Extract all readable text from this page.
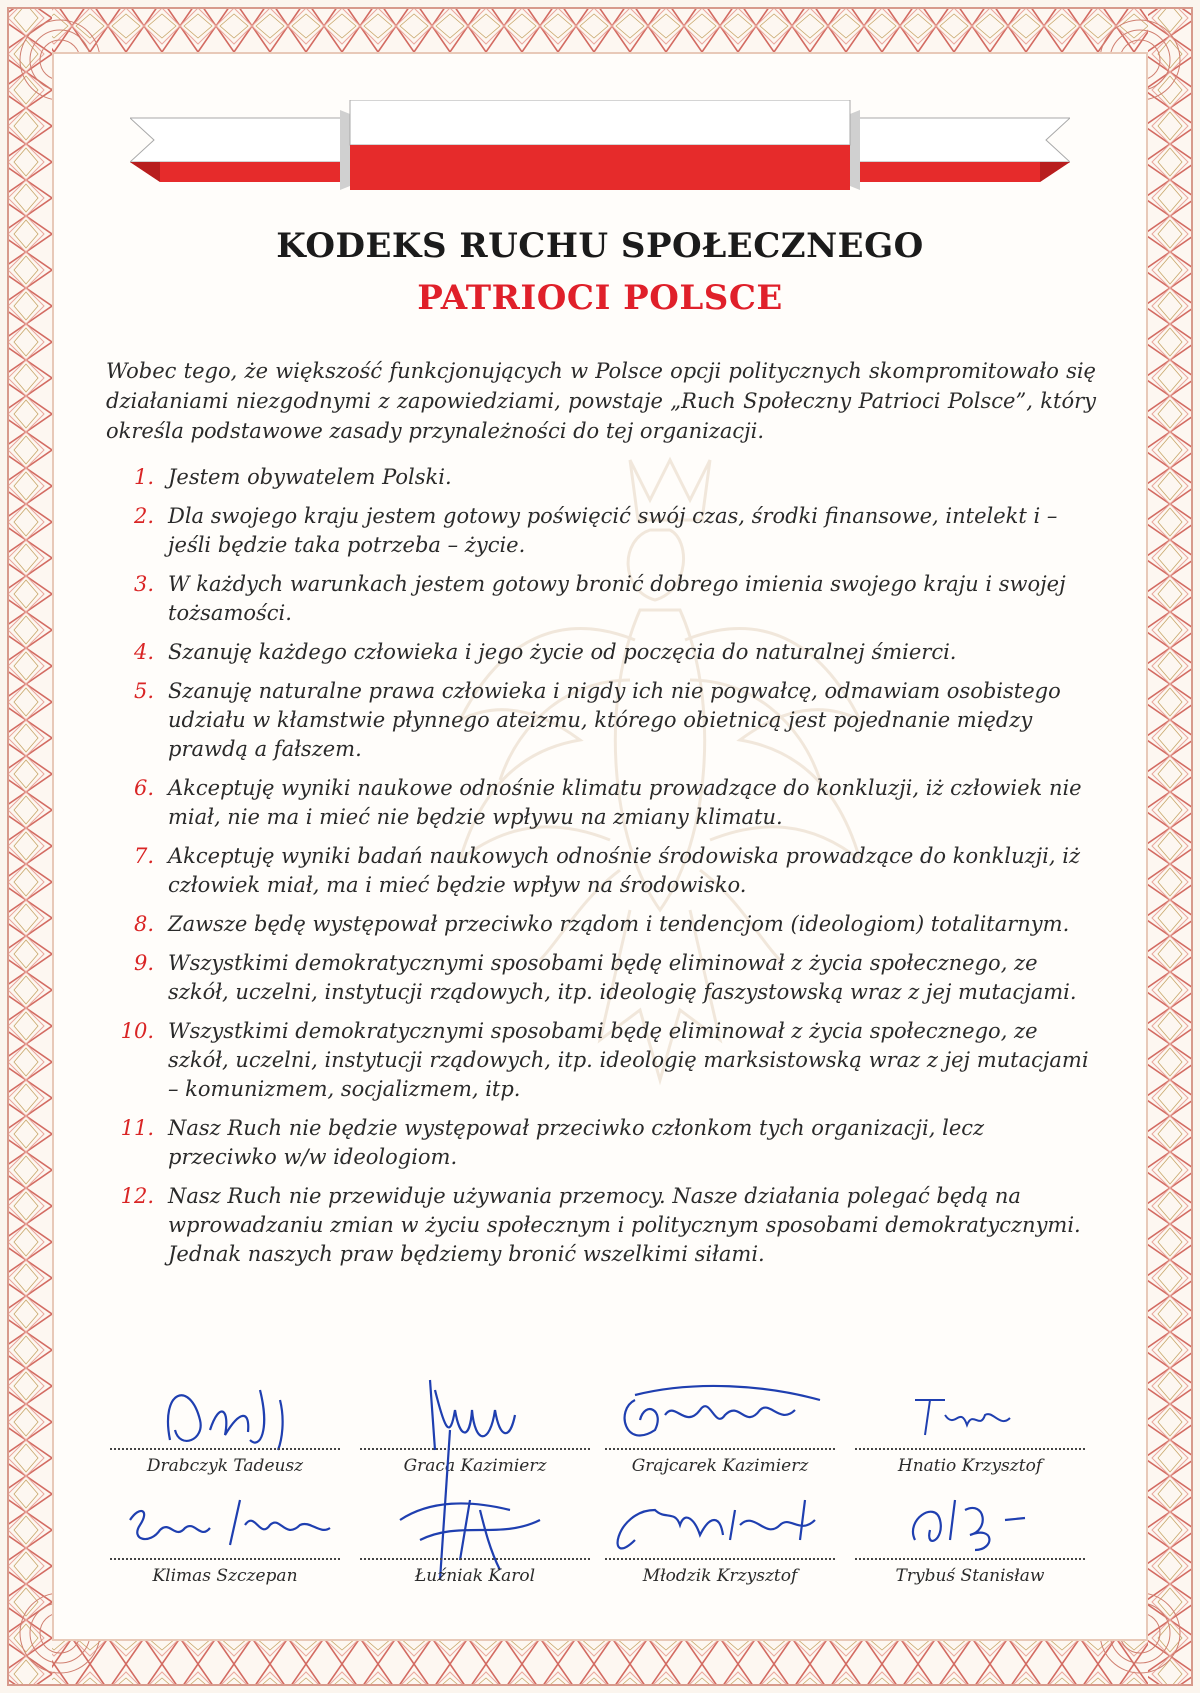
KODEKS RUCHU SPOŁECZNEGO
PATRIOCI POLSCE
Wobec tego, że większość funkcjonujących w Polsce opcji politycznych skompromitowało się działaniami niezgodnymi z zapowiedziami, powstaje „Ruch Społeczny Patrioci Polsce”, który określa podstawowe zasady przynależności do tej organizacji.
1. Jestem obywatelem Polski.
2. Dla swojego kraju jestem gotowy poświęcić swój czas, środki finansowe, intelekt i – jeśli będzie taka potrzeba – życie.
3. W każdych warunkach jestem gotowy bronić dobrego imienia swojego kraju i swojej tożsamości.
4. Szanuję każdego człowieka i jego życie od poczęcia do naturalnej śmierci.
5. Szanuję naturalne prawa człowieka i nigdy ich nie pogwałcę, odmawiam osobistego udziału w kłamstwie płynnego ateizmu, którego obietnicą jest pojednanie między prawdą a fałszem.
6. Akceptuję wyniki naukowe odnośnie klimatu prowadzące do konkluzji, iż człowiek nie miał, nie ma i mieć nie będzie wpływu na zmiany klimatu.
7. Akceptuję wyniki badań naukowych odnośnie środowiska prowadzące do konkluzji, iż człowiek miał, ma i mieć będzie wpływ na środowisko.
8. Zawsze będę występował przeciwko rządom i tendencjom (ideologiom) totalitarnym.
9. Wszystkimi demokratycznymi sposobami będę eliminował z życia społecznego, ze szkół, uczelni, instytucji rządowych, itp. ideologię faszystowską wraz z jej mutacjami.
10. Wszystkimi demokratycznymi sposobami będę eliminował z życia społecznego, ze szkół, uczelni, instytucji rządowych, itp. ideologię marksistowską wraz z jej mutacjami – komunizmem, socjalizmem, itp.
11. Nasz Ruch nie będzie występował przeciwko członkom tych organizacji, lecz przeciwko w/w ideologiom.
12. Nasz Ruch nie przewiduje używania przemocy. Nasze działania polegać będą na wprowadzaniu zmian w życiu społecznym i politycznym sposobami demokratycznymi. Jednak naszych praw będziemy bronić wszelkimi siłami.
Drabczyk Tadeusz	Graca Kazimierz	Grajcarek Kazimierz	Hnatio Krzysztof
Klimas Szczepan	Łuźniak Karol	Młodzik Krzysztof	Trybuś Stanisław
